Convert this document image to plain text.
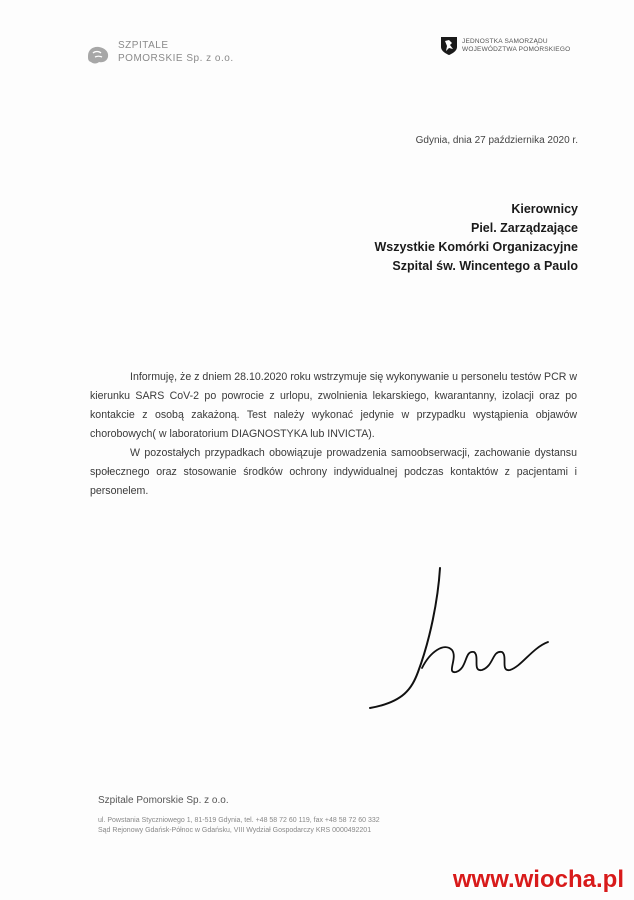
SZPITALE
POMORSKIE Sp. z o.o.
JEDNOSTKA SAMORZĄDU
WOJEWÓDZTWA POMORSKIEGO
Gdynia, dnia 27 października 2020 r.
Kierownicy
Piel. Zarządzające
Wszystkie Komórki Organizacyjne
Szpital św. Wincentego a Paulo

Informuję, że z dniem 28.10.2020 roku wstrzymuje się wykonywanie u personelu testów PCR w kierunku SARS CoV-2 po powrocie z urlopu, zwolnienia lekarskiego, kwarantanny, izolacji oraz po kontakcie z osobą zakażoną. Test należy wykonać jedynie w przypadku wystąpienia objawów chorobowych( w laboratorium DIAGNOSTYKA lub INVICTA).

W pozostałych przypadkach obowiązuje prowadzenia samoobserwacji, zachowanie dystansu społecznego oraz stosowanie środków ochrony indywidualnej podczas kontaktów z pacjentami i personelem.

Szpitale Pomorskie Sp. z o.o.
ul. Powstania Styczniowego 1, 81-519 Gdynia, tel. +48 58 72 60 119, fax +48 58 72 60 332
Sąd Rejonowy Gdańsk-Północ w Gdańsku, VIII Wydział Gospodarczy KRS 0000492201
www.wiocha.pl
